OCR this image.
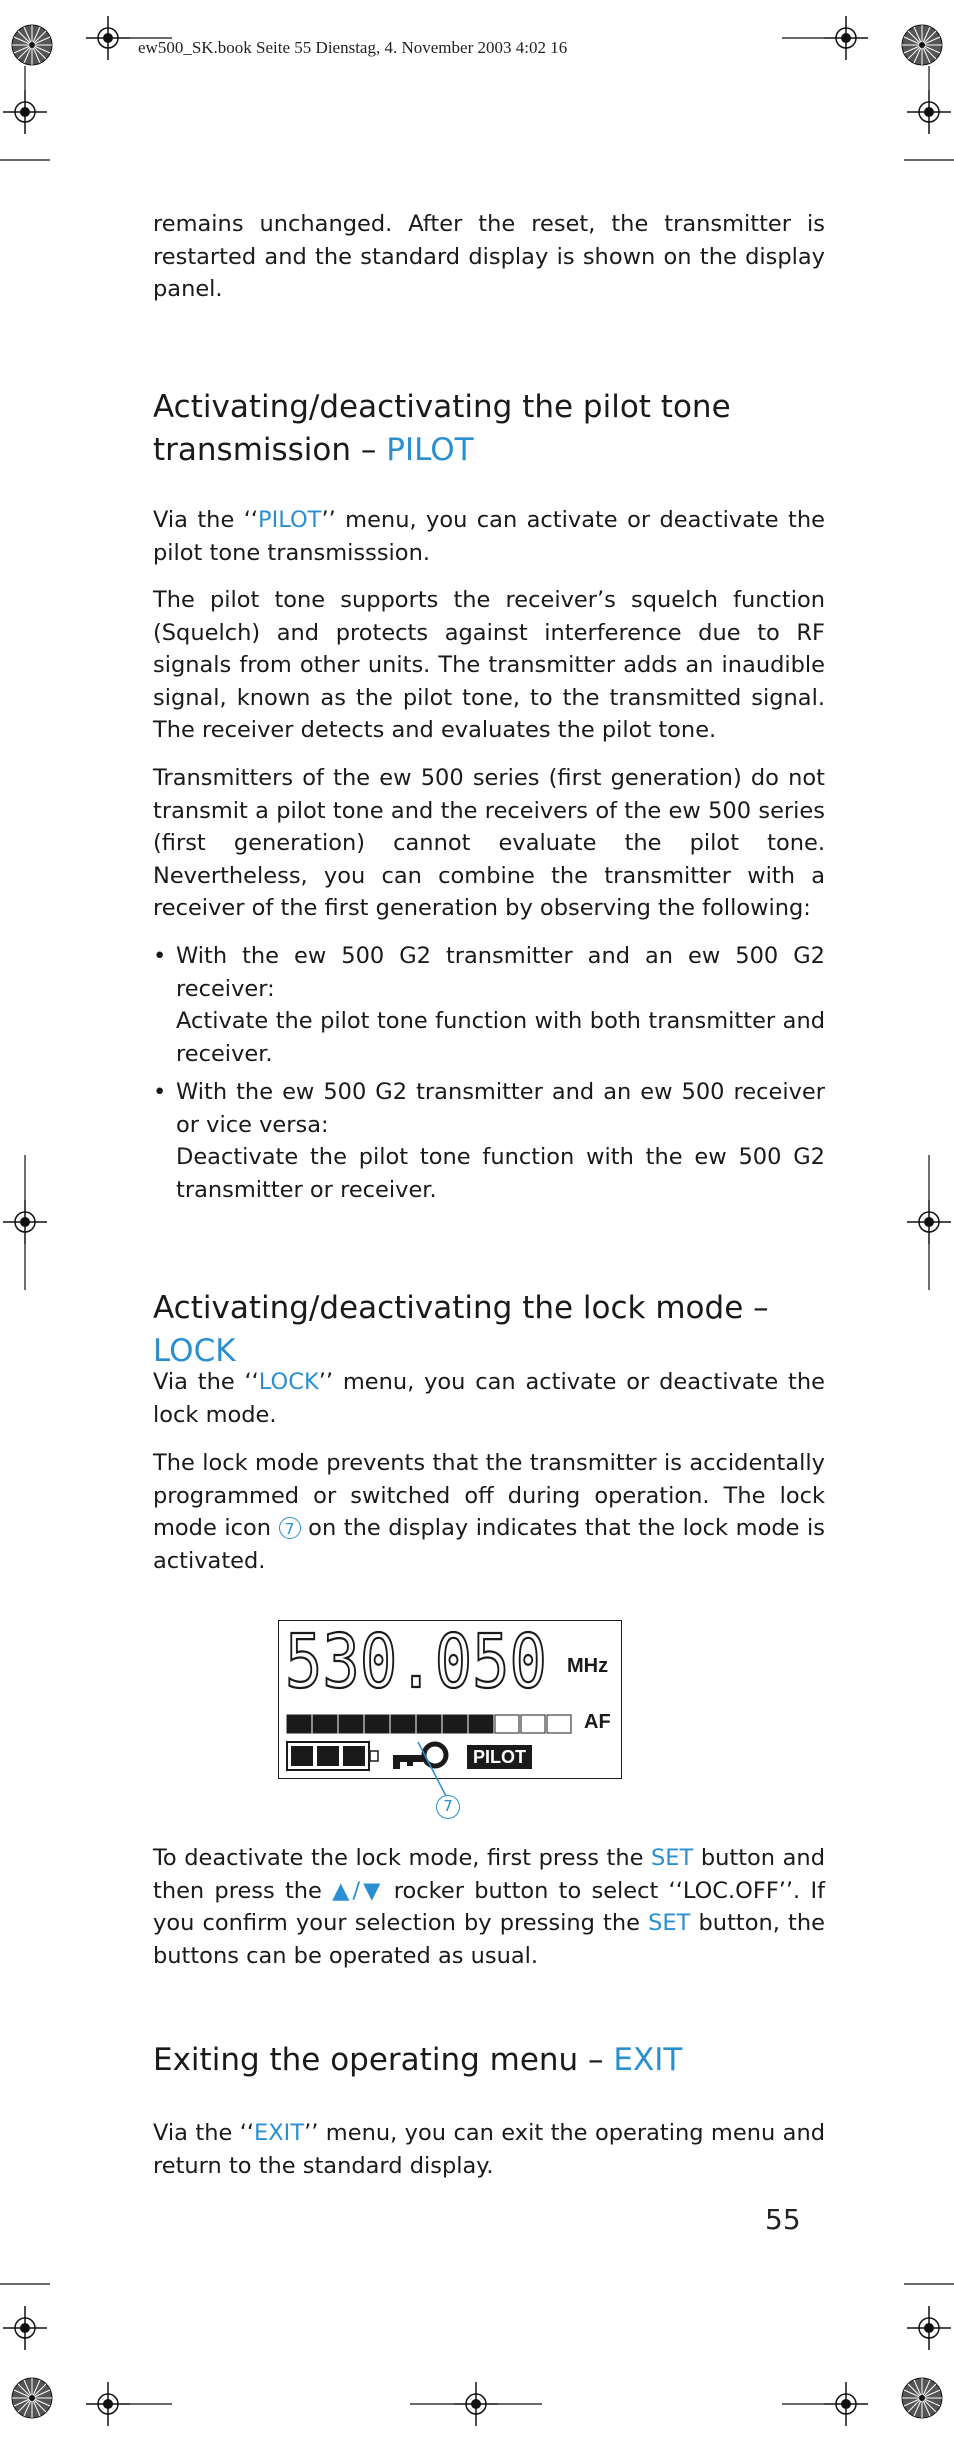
ew500_SK.book Seite 55 Dienstag, 4. November 2003 4:02 16

remains unchanged. After the reset, the transmitter is restarted and the standard display is shown on the display panel.

Activating/deactivating the pilot tone transmission – PILOT

Via the ‘‘PILOT’’ menu, you can activate or deactivate the pilot tone transmisssion.

The pilot tone supports the receiver’s squelch function (Squelch) and protects against interference due to RF signals from other units. The transmitter adds an inaudible signal, known as the pilot tone, to the transmitted signal. The receiver detects and evaluates the pilot tone.

Transmitters of the ew 500 series (first generation) do not transmit a pilot tone and the receivers of the ew 500 series (first generation) cannot evaluate the pilot tone. Nevertheless, you can combine the transmitter with a receiver of the first generation by observing the following:

• With the ew 500 G2 transmitter and an ew 500 G2 receiver:
Activate the pilot tone function with both transmitter and receiver.
• With the ew 500 G2 transmitter and an ew 500 receiver or vice versa:
Deactivate the pilot tone function with the ew 500 G2 transmitter or receiver.
Activating/deactivating the lock mode – LOCK

Via the ‘‘LOCK’’ menu, you can activate or deactivate the lock mode.

The lock mode prevents that the transmitter is accidentally programmed or switched off during operation. The lock mode icon 7 on the display indicates that the lock mode is activated.

530.050 MHz
AF
PILOT
7

To deactivate the lock mode, first press the SET button and then press the ▲/▼ rocker button to select ‘‘LOC.OFF’’. If you confirm your selection by pressing the SET button, the buttons can be operated as usual.

Exiting the operating menu – EXIT

Via the ‘‘EXIT’’ menu, you can exit the operating menu and return to the standard display.

55
